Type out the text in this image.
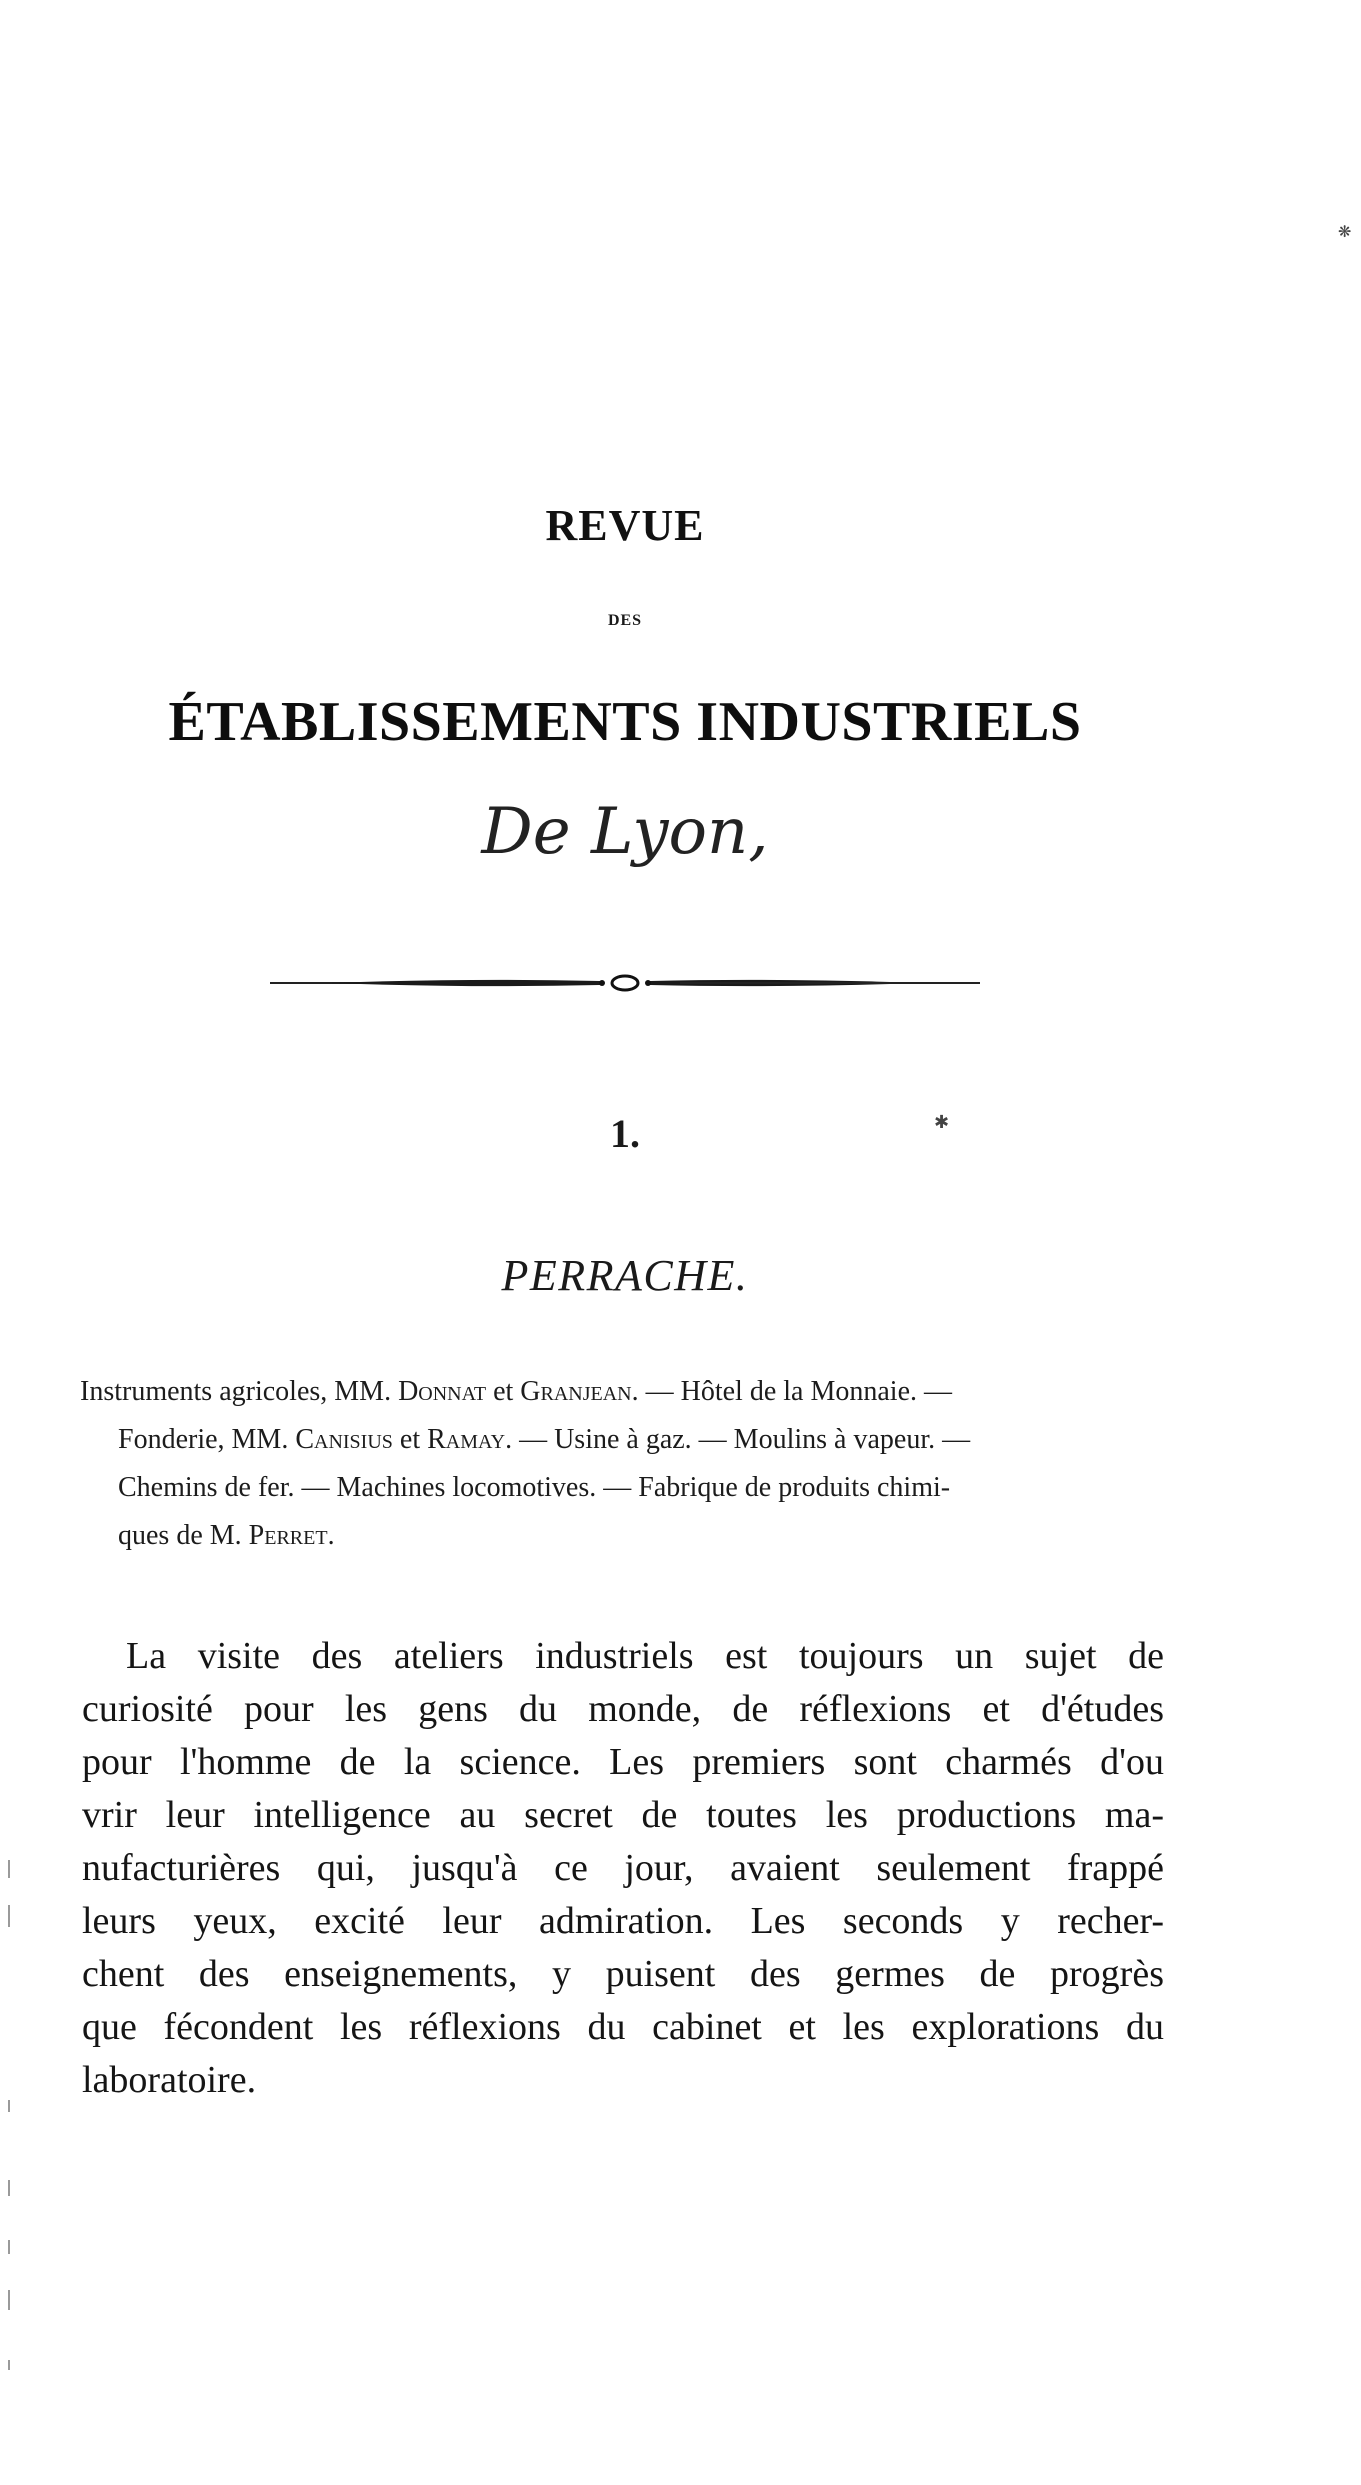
❋
REVUE
DES
ÉTABLISSEMENTS INDUSTRIELS
De Lyon,
1.	✱
PERRACHE.
Instruments agricoles, MM. Donnat et Granjean. — Hôtel de la Monnaie. —
Fonderie, MM. Canisius et Ramay. — Usine à gaz. — Moulins à vapeur. —
Chemins de fer. — Machines locomotives. — Fabrique de produits chimi-
ques de M. Perret.
La visite des ateliers industriels est toujours un sujet de
curiosité pour les gens du monde, de réflexions et d'études
pour l'homme de la science. Les premiers sont charmés d'ou
vrir leur intelligence au secret de toutes les productions ma-
nufacturières qui, jusqu'à ce jour, avaient seulement frappé
leurs yeux, excité leur admiration. Les seconds y recher-
chent des enseignements, y puisent des germes de progrès
que fécondent les réflexions du cabinet et les explorations du
laboratoire.
